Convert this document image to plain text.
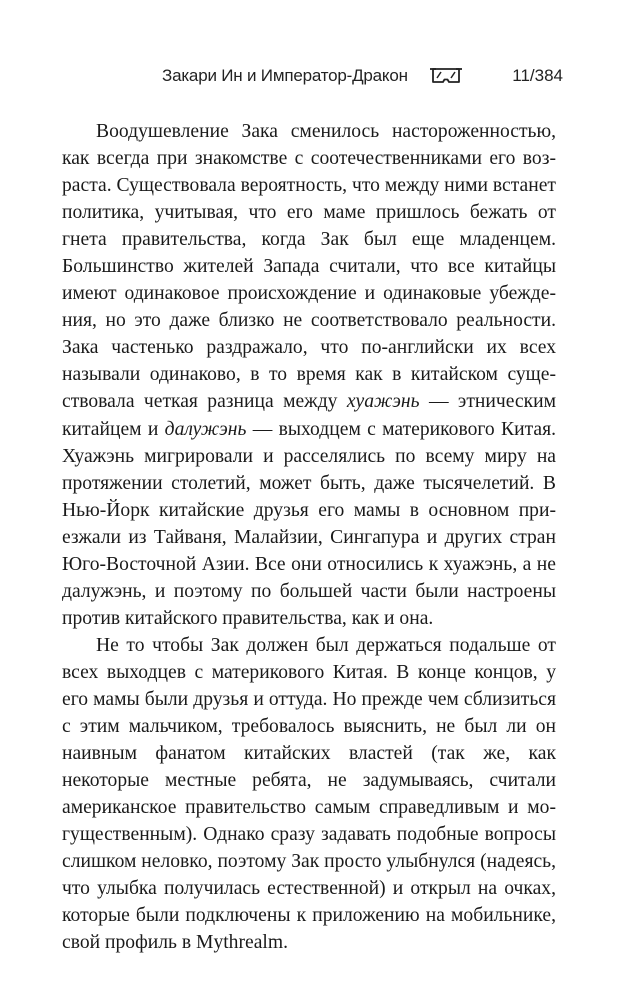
Закари Ин и Император-Дракон	11/384

Воодушевление Зака сменилось настороженностью, как всегда при знакомстве с соотечественниками его возраста. Существовала вероятность, что между ними встанет политика, учитывая, что его маме пришлось бежать от гнета правительства, когда Зак был еще младенцем. Большинство жителей Запада считали, что все китайцы имеют одинаковое происхождение и одинаковые убеждения, но это даже близко не соответствовало реальности. Зака частенько раздражало, что по-английски их всех называли одинаково, в то время как в китайском существовала четкая разница между хуажэнь — этническим китайцем и далужэнь — выходцем с материкового Китая. Хуажэнь мигрировали и расселялись по всему миру на протяжении столетий, может быть, даже тысячелетий. В Нью-Йорк китайские друзья его мамы в основном приезжали из Тайваня, Малайзии, Сингапура и других стран Юго-Восточной Азии. Все они относились к хуажэнь, а не далужэнь, и поэтому по большей части были настроены против китайского правительства, как и она.

Не то чтобы Зак должен был держаться подальше от всех выходцев с материкового Китая. В конце концов, у его мамы были друзья и оттуда. Но прежде чем сблизиться с этим мальчиком, требовалось выяснить, не был ли он наивным фанатом китайских властей (так же, как некоторые местные ребята, не задумываясь, считали американское правительство самым справедливым и могущественным). Однако сразу задавать подобные вопросы слишком неловко, поэтому Зак просто улыбнулся (надеясь, что улыбка получилась естественной) и открыл на очках, которые были подключены к приложению на мобильнике, свой профиль в Mythrealm.
